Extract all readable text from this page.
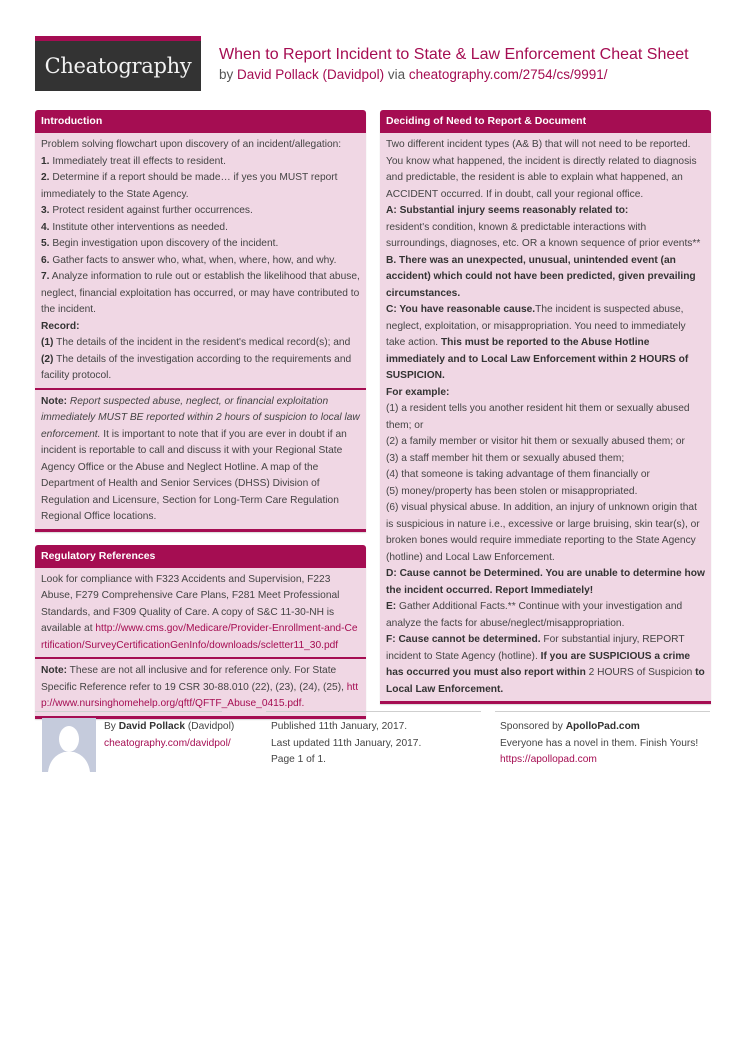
Cheatography When to Report Incident to State & Law Enforcement Cheat Sheet
by David Pollack (Davidpol) via cheatography.com/2754/cs/9991/
Introduction
Problem solving flowchart upon discovery of an incident/allegation:
1. Immediately treat ill effects to resident.
2. Determine if a report should be made… if yes you MUST report immediately to the State Agency.
3. Protect resident against further occurrences.
4. Institute other interventions as needed.
5. Begin investigation upon discovery of the incident.
6. Gather facts to answer who, what, when, where, how, and why.
7. Analyze information to rule out or establish the likelihood that abuse, neglect, financial exploitation has occurred, or may have contributed to the incident.
Record:
(1) The details of the incident in the resident's medical record(s); and
(2) The details of the investigation according to the requirements and facility protocol.
Note: Report suspected abuse, neglect, or financial exploitation immediately MUST BE reported within 2 hours of suspicion to local law enforcement. It is important to note that if you are ever in doubt if an incident is reportable to call and discuss it with your Regional State Agency Office or the Abuse and Neglect Hotline. A map of the Department of Health and Senior Services (DHSS) Division of Regulation and Licensure, Section for Long-Term Care Regulation Regional Office locations.
Regulatory References
Look for compliance with F323 Accidents and Supervision, F223 Abuse, F279 Comprehensive Care Plans, F281 Meet Professional Standards, and F309 Quality of Care. A copy of S&C 11-30-NH is available at http://www.cms.gov/Medicare/Provider-Enrollment-and-Certification/SurveyCertificationGenInfo/downloads/scletter11_30.pdf
Note: These are not all inclusive and for reference only. For State Specific Reference refer to 19 CSR 30-88.010 (22), (23), (24), (25), http://www.nursinghomehelp.org/qftf/QFTF_Abuse_0415.pdf.
Deciding of Need to Report & Document
Two different incident types (A& B) that will not need to be reported. You know what happened, the incident is directly related to diagnosis and predictable, the resident is able to explain what happened, an ACCIDENT occurred. If in doubt, call your regional office.
A: Substantial injury seems reasonably related to:
resident's condition, known & predictable interactions with surroundings, diagnoses, etc. OR a known sequence of prior events**
B. There was an unexpected, unusual, unintended event (an accident) which could not have been predicted, given prevailing circumstances.
C: You have reasonable cause.The incident is suspected abuse, neglect, exploitation, or misappropriation. You need to immediately take action. This must be reported to the Abuse Hotline immediately and to Local Law Enforcement within 2 HOURS of SUSPICION.
For example:
(1) a resident tells you another resident hit them or sexually abused them; or
(2) a family member or visitor hit them or sexually abused them; or
(3) a staff member hit them or sexually abused them;
(4) that someone is taking advantage of them financially or
(5) money/property has been stolen or misappropriated.
(6) visual physical abuse. In addition, an injury of unknown origin that is suspicious in nature i.e., excessive or large bruising, skin tear(s), or broken bones would require immediate reporting to the State Agency (hotline) and Local Law Enforcement.
D: Cause cannot be Determined. You are unable to determine how the incident occurred. Report Immediately!
E: Gather Additional Facts.** Continue with your investigation and analyze the facts for abuse/neglect/misappropriation.
F: Cause cannot be determined. For substantial injury, REPORT incident to State Agency (hotline). If you are SUSPICIOUS a crime has occurred you must also report within 2 HOURS of Suspicion to Local Law Enforcement.
By David Pollack (Davidpol)
cheatography.com/davidpol/
Published 11th January, 2017.
Last updated 11th January, 2017.
Page 1 of 1.
Sponsored by ApolloPad.com
Everyone has a novel in them. Finish Yours!
https://apollopad.com
